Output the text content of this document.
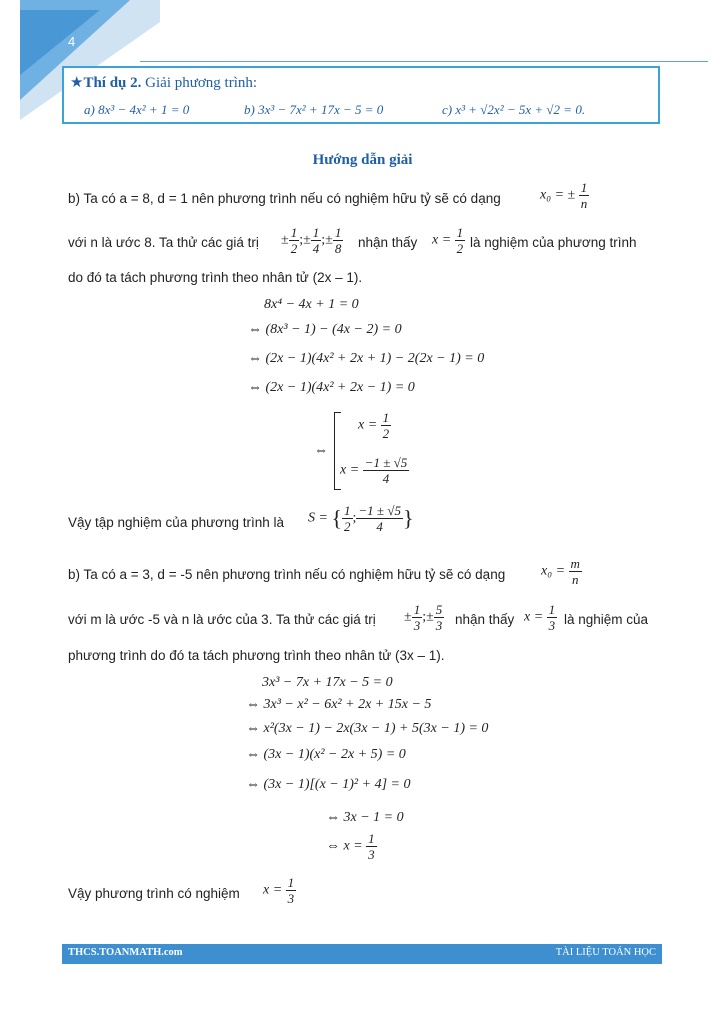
4
★Thí dụ 2. Giải phương trình:
a) 8x³ − 4x² + 1 = 0	b) 3x³ − 7x² + 17x − 5 = 0	c) x³ + √2x² − 5x + √2 = 0.
Hướng dẫn giải
b) Ta có a = 8, d = 1 nên phương trình nếu có nghiệm hữu tỷ sẽ có dạng	x₀ = ± $\frac{1}{n}$
với n là ước 8. Ta thử các giá trị ± $\frac{1}{2}$ ;± $\frac{1}{4}$ ;± $\frac{1}{8}$ nhận thấy $x = \frac{1}{2}$ là nghiệm của phương trình
do đó ta tách phương trình theo nhân tử (2x – 1).
8x⁴ − 4x + 1 = 0
⇔ (8x³ − 1) − (4x − 2) = 0
⇔ (2x − 1)(4x² + 2x + 1) − 2(2x − 1) = 0
⇔ (2x − 1)(4x² + 2x − 1) = 0
⇔
$x = \frac{1}{2}$
$x = \frac{-1 \pm √5}{4}$
Vậy tập nghiệm của phương trình là S = { $\frac{1}{2}$ ; $\frac{-1 \pm √5}{4}$ }
b) Ta có a = 3, d = -5 nên phương trình nếu có nghiệm hữu tỷ sẽ có dạng	$x_0 = \frac{m}{n}$
với m là ước -5 và n là ước của 3. Ta thử các giá trị ± $\frac{1}{3}$ ;± $\frac{5}{3}$ nhận thấy $x = \frac{1}{3}$ là nghiệm của
phương trình do đó ta tách phương trình theo nhân tử (3x – 1).
3x³ − 7x + 17x − 5 = 0
⇔ 3x³ − x² − 6x² + 2x + 15x − 5
⇔ x²(3x − 1) − 2x(3x − 1) + 5(3x − 1) = 0
⇔ (3x − 1)(x² − 2x + 5) = 0
⇔ (3x − 1)[(x − 1)² + 4] = 0
⇔ 3x − 1 = 0
⇔ $x = \frac{1}{3}$
Vậy phương trình có nghiệm $x = \frac{1}{3}$
THCS.TOANMATH.com	TÀI LIỆU TOÁN HỌC
